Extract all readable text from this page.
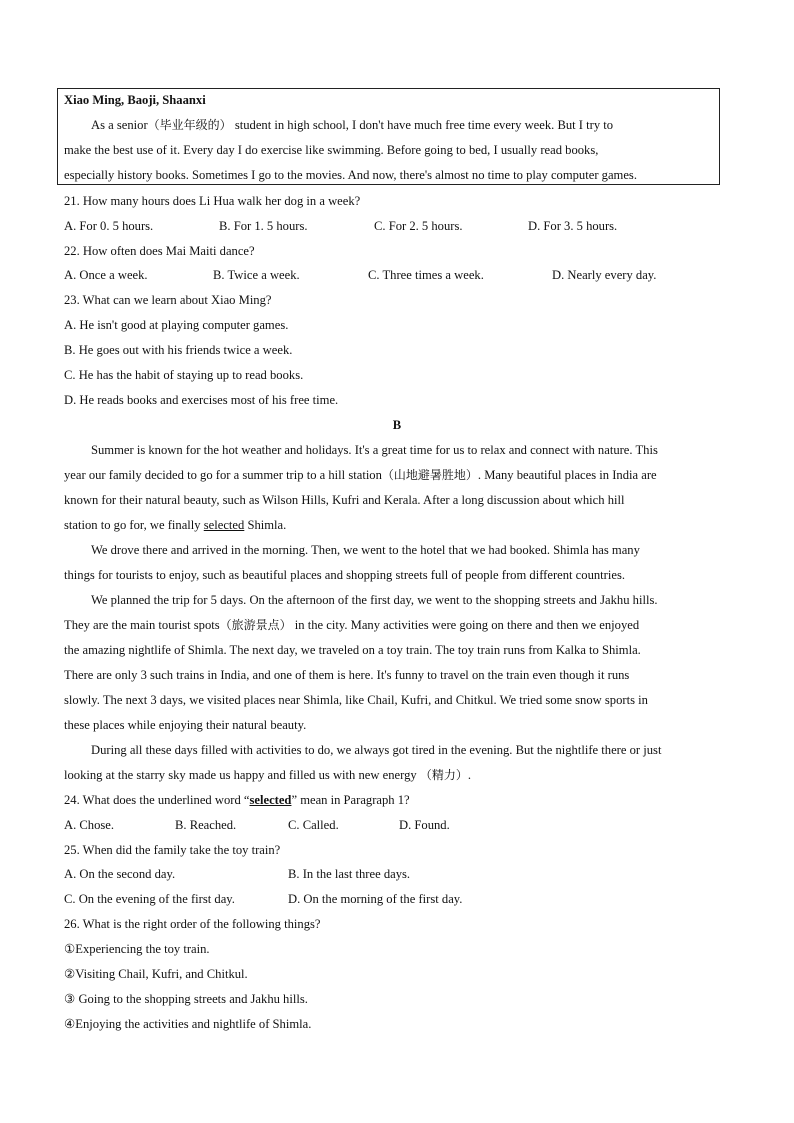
Xiao Ming, Baoji, Shaanxi
As a senior（毕业年级的） student in high school, I don't have much free time every week. But I try to
make the best use of it. Every day I do exercise like swimming. Before going to bed, I usually read books,
especially history books. Sometimes I go to the movies. And now, there's almost no time to play computer games.
21. How many hours does Li Hua walk her dog in a week?
A. For 0. 5 hours.	B. For 1. 5 hours.	C. For 2. 5 hours.	D. For 3. 5 hours.
22. How often does Mai Maiti dance?
A. Once a week.	B. Twice a week.	C. Three times a week.	D. Nearly every day.
23. What can we learn about Xiao Ming?
A. He isn't good at playing computer games.
B. He goes out with his friends twice a week.
C. He has the habit of staying up to read books.
D. He reads books and exercises most of his free time.
B
Summer is known for the hot weather and holidays. It's a great time for us to relax and connect with nature. This
year our family decided to go for a summer trip to a hill station（山地避暑胜地）. Many beautiful places in India are
known for their natural beauty, such as Wilson Hills, Kufri and Kerala. After a long discussion about which hill
station to go for, we finally selected Shimla.
We drove there and arrived in the morning. Then, we went to the hotel that we had booked. Shimla has many
things for tourists to enjoy, such as beautiful places and shopping streets full of people from different countries.
We planned the trip for 5 days. On the afternoon of the first day, we went to the shopping streets and Jakhu hills.
They are the main tourist spots（旅游景点） in the city. Many activities were going on there and then we enjoyed
the amazing nightlife of Shimla. The next day, we traveled on a toy train. The toy train runs from Kalka to Shimla.
There are only 3 such trains in India, and one of them is here. It's funny to travel on the train even though it runs
slowly. The next 3 days, we visited places near Shimla, like Chail, Kufri, and Chitkul. We tried some snow sports in
these places while enjoying their natural beauty.
During all these days filled with activities to do, we always got tired in the evening. But the nightlife there or just
looking at the starry sky made us happy and filled us with new energy （精力）.
24. What does the underlined word “selected” mean in Paragraph 1?
A. Chose.	B. Reached.	C. Called.	D. Found.
25. When did the family take the toy train?
A. On the second day.	B. In the last three days.
C. On the evening of the first day.	D. On the morning of the first day.
26. What is the right order of the following things?
①Experiencing the toy train.
②Visiting Chail, Kufri, and Chitkul.
③ Going to the shopping streets and Jakhu hills.
④Enjoying the activities and nightlife of Shimla.
